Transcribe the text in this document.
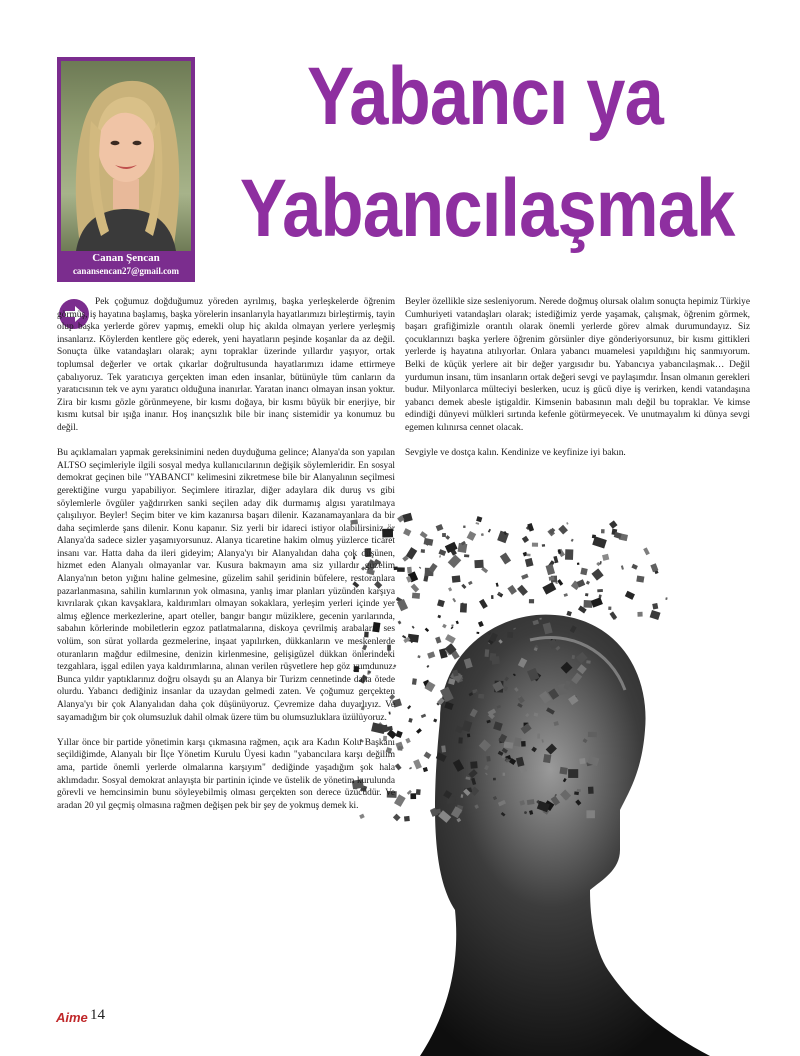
Canan Şencan
canansencan27@gmail.com
Yabancı ya
Yabancılaşmak

Pek çoğumuz doğduğumuz yöreden ayrılmış, başka yerleşkelerde öğrenim görmüş, iş hayatına başlamış, başka yörelerin insanlarıyla hayatlarımızı birleştirmiş, tayin olup başka yerlerde görev yapmış, emekli olup hiç akılda olmayan yerlere yerleşmiş insanlarız. Köylerden kentlere göç ederek, yeni hayatların peşinde koşanlar da az değil. Sonuçta ülke vatandaşları olarak; aynı topraklar üzerinde yıllardır yaşıyor, ortak toplumsal değerler ve ortak çıkarlar doğrultusunda hayatlarımızı idame ettirmeye çabalıyoruz. Tek yaratıcıya gerçekten iman eden insanlar, bütünüyle tüm canların da yaratıcısının tek ve aynı yaratıcı olduğuna inanırlar. Yaratan inancı olmayan insan yoktur. Zira bir kısmı gözle görünmeyene, bir kısmı doğaya, bir kısmı büyük bir enerjiye, bir kısmı kutsal bir ışığa inanır. Hoş inançsızlık bile bir inanç sistemidir ya konumuz bu değil.

Bu açıklamaları yapmak gereksinimini neden duyduğuma gelince; Alanya'da son yapılan ALTSO seçimleriyle ilgili sosyal medya kullanıcılarının değişik söylemleridir. En sosyal demokrat geçinen bile "YABANCI" kelimesini zikretmese bile bir Alanyalının seçilmesi gerektiğine vurgu yapabiliyor. Seçimlere itirazlar, diğer adaylara dik duruş vs gibi söylemlerle övgüler yağdırırken sanki seçilen aday dik durmamış algısı yaratılmaya çalışılıyor. Beyler! Seçim biter ve kim kazanırsa başarı dilenir. Kazanamayanlara da bir daha seçimlerde şans dilenir. Konu kapanır. Siz yerli bir idareci istiyor olabilirsiniz ör Alanya'da sadece sizler yaşamıyorsunuz. Alanya ticaretine hakim olmuş yüzlerce ticaret insanı var. Hatta daha da ileri gideyim; Alanya'yı bir Alanyalıdan daha çok düşünen, hizmet eden Alanyalı olmayanlar var. Kusura bakmayın ama siz yıllardır güzelim Alanya'nın beton yığını haline gelmesine, güzelim sahil şeridinin büfelere, restoranlara pazarlanmasına, sahilin kumlarının yok olmasına, yanlış imar planları yüzünden karşıya kıvrılarak çıkan kavşaklara, kaldırımları olmayan sokaklara, yerleşim yerleri içinde yer almış eğlence merkezlerine, apart oteller, bangır bangır müziklere, gecenin yarılarında, sabahın körlerinde mobiletlerin egzoz patlatmalarına, diskoya çevrilmiş arabaların ses volüm, son sürat yollarda gezmelerine, inşaat yapılırken, dükkanların ve meskenlerde oturanların mağdur edilmesine, denizin kirlenmesine, gelişigüzel dükkan önlerindeki tezgahlara, işgal edilen yaya kaldırımlarına, alınan verilen rüşvetlere hep göz yumdunuz. Bunca yıldır yaptıklarınız doğru olsaydı şu an Alanya bir Turizm cennetinde daha ötede olurdu. Yabancı dediğiniz insanlar da uzaydan gelmedi zaten. Ve çoğumuz gerçekten Alanya'yı bir çok Alanyalıdan daha çok düşünüyoruz. Çevremize daha duyarlıyız. Ve sayamadığım bir çok olumsuzluk dahil olmak üzere tüm bu olumsuzluklara üzülüyoruz.

Yıllar önce bir partide yönetimin karşı çıkmasına rağmen, açık ara Kadın Kolu Başkanı seçildiğimde, Alanyalı bir İlçe Yönetim Kurulu Üyesi kadın "yabancılara karşı değilim ama, partide önemli yerlerde olmalarına karşıyım" dediğinde yaşadığım şok hala aklımdadır. Sosyal demokrat anlayışta bir partinin içinde ve üstelik de yönetim kurulunda görevli ve hemcinsimin bunu söyleyebilmiş olması gerçekten son derece üzücüdür. Ve aradan 20 yıl geçmiş olmasına rağmen değişen pek bir şey de yokmuş demek ki.

Beyler özellikle size sesleniyorum. Nerede doğmuş olursak olalım sonuçta hepimiz Türkiye Cumhuriyeti vatandaşları olarak; istediğimiz yerde yaşamak, çalışmak, öğrenim görmek, başarı grafiğimizle orantılı olarak önemli yerlerde görev almak durumundayız. Siz çocuklarınızı başka yerlere öğrenim görsünler diye gönderiyorsunuz, bir kısmı gittikleri yerlerde iş hayatına atılıyorlar. Onlara yabancı muamelesi yapıldığını hiç sanmıyorum. Belki de küçük yerlere ait bir değer yargısıdır bu. Yabancıya yabancılaşmak… Değil yurdumun insanı, tüm insanların ortak değeri sevgi ve paylaşımdır. İnsan olmanın gerekleri budur. Milyonlarca mülteciyi beslerken, ucuz iş gücü diye iş verirken, kendi vatandaşına yabancı demek abesle iştigaldir. Kimsenin babasının malı değil bu topraklar. Ve kimse edindiği dünyevi mülkleri sırtında kefenle götürmeyecek. Ve unutmayalım ki dünya sevgi egemen kılınırsa cennet olacak.

Sevgiyle ve dostça kalın. Kendinize ve keyfinize iyi bakın.

Aime 14
